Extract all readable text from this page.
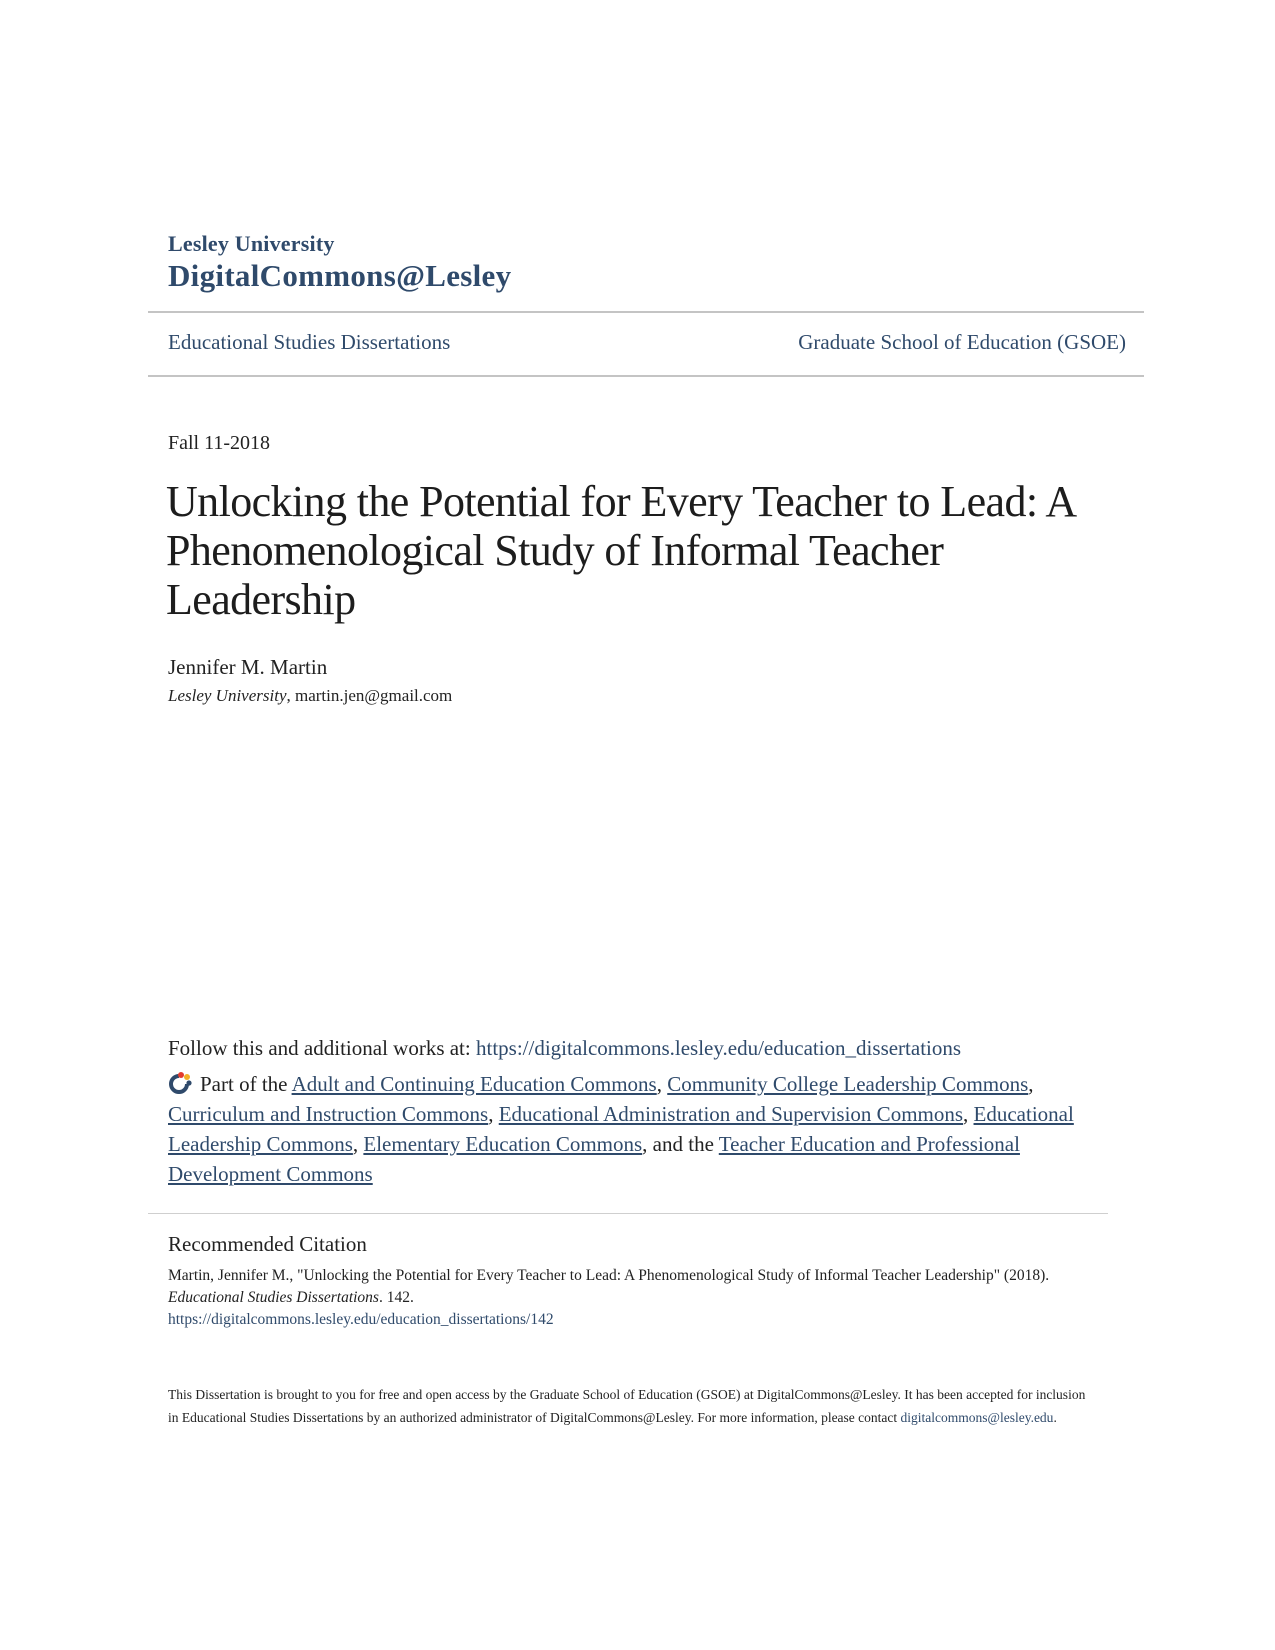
Lesley University
DigitalCommons@Lesley
Educational Studies Dissertations	Graduate School of Education (GSOE)
Fall 11-2018
Unlocking the Potential for Every Teacher to Lead: A Phenomenological Study of Informal Teacher Leadership
Jennifer M. Martin
Lesley University, martin.jen@gmail.com
Follow this and additional works at: https://digitalcommons.lesley.edu/education_dissertations
Part of the Adult and Continuing Education Commons, Community College Leadership Commons, Curriculum and Instruction Commons, Educational Administration and Supervision Commons, Educational Leadership Commons, Elementary Education Commons, and the Teacher Education and Professional Development Commons
Recommended Citation
Martin, Jennifer M., "Unlocking the Potential for Every Teacher to Lead: A Phenomenological Study of Informal Teacher Leadership" (2018). Educational Studies Dissertations. 142.
https://digitalcommons.lesley.edu/education_dissertations/142
This Dissertation is brought to you for free and open access by the Graduate School of Education (GSOE) at DigitalCommons@Lesley. It has been accepted for inclusion in Educational Studies Dissertations by an authorized administrator of DigitalCommons@Lesley. For more information, please contact digitalcommons@lesley.edu.
